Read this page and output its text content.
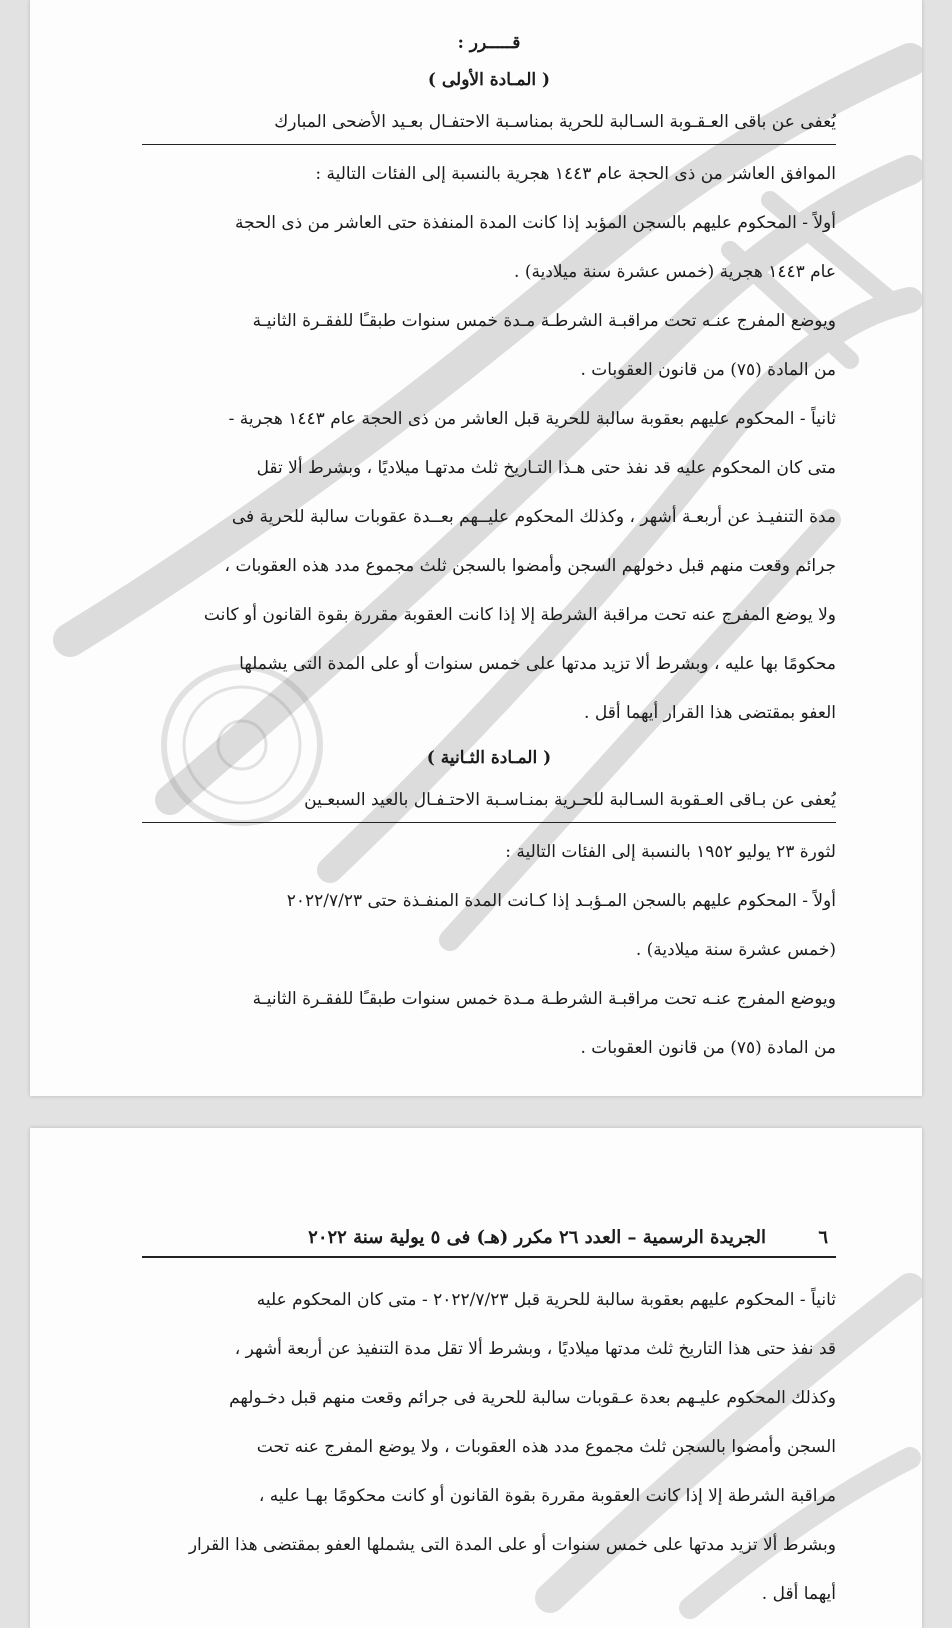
قـــــرر :
( المـادة الأولى )
يُعفى عن باقى العـقـوبة السـالبة للحرية بمناسـبة الاحتفـال بعـيد الأضحى المبارك
الموافق العاشر من ذى الحجة عام ١٤٤٣ هجرية بالنسبة إلى الفئات التالية :
أولاً - المحكوم عليهم بالسجن المؤبد إذا كانت المدة المنفذة حتى العاشر من ذى الحجة
عام ١٤٤٣ هجرية (خمس عشرة سنة ميلادية) .
ويوضع المفرج عنـه تحت مراقبـة الشرطـة مـدة خمس سنوات طبقـًا للفقـرة الثانيـة
من المادة (٧٥) من قانون العقوبات .
ثانياً - المحكوم عليهم بعقوبة سالبة للحرية قبل العاشر من ذى الحجة عام ١٤٤٣ هجرية -
متى كان المحكوم عليه قد نفذ حتى هـذا التـاريخ ثلث مدتهـا ميلاديًا ، وبشرط ألا تقل
مدة التنفيـذ عن أربعـة أشهر ، وكذلك المحكوم عليــهم بعــدة عقوبات سالبة للحرية فى
جرائم وقعت منهم قبل دخولهم السجن وأمضوا بالسجن ثلث مجموع مدد هذه العقوبات ،
ولا يوضع المفرج عنه تحت مراقبة الشرطة إلا إذا كانت العقوبة مقررة بقوة القانون أو كانت
محكومًا بها عليه ، وبشرط ألا تزيد مدتها على خمس سنوات أو على المدة التى يشملها
العفو بمقتضى هذا القرار أيهما أقل .
( المـادة الثـانية )
يُعفى عن بـاقى العـقوبة السـالبة للحـرية بمنـاسـبة الاحتـفـال بالعيد السبعـين
لثورة ٢٣ يوليو ١٩٥٢ بالنسبة إلى الفئات التالية :
أولاً - المحكوم عليهم بالسجن المـؤبـد إذا كـانت المدة المنفـذة حتى ٢٠٢٢/٧/٢٣
(خمس عشرة سنة ميلادية) .
ويوضع المفرج عنـه تحت مراقبـة الشرطـة مـدة خمس سنوات طبقـًا للفقـرة الثانيـة
من المادة (٧٥) من قانون العقوبات .
٦
الجريدة الرسمية – العدد ٢٦ مكرر (هـ) فى ٥ يولية سنة ٢٠٢٢
ثانياً - المحكوم عليهم بعقوبة سالبة للحرية قبل ٢٠٢٢/٧/٢٣ - متى كان المحكوم عليه
قد نفذ حتى هذا التاريخ ثلث مدتها ميلاديًا ، وبشرط ألا تقل مدة التنفيذ عن أربعة أشهر ،
وكذلك المحكوم عليـهم بعدة عـقوبات سالبة للحرية فى جرائم وقعت منهم قبل دخـولهم
السجن وأمضوا بالسجن ثلث مجموع مدد هذه العقوبات ، ولا يوضع المفرج عنه تحت
مراقبة الشرطة إلا إذا كانت العقوبة مقررة بقوة القانون أو كانت محكومًا بهـا عليه ،
وبشرط ألا تزيد مدتها على خمس سنوات أو على المدة التى يشملها العفو بمقتضى هذا القرار
أيهما أقل .
